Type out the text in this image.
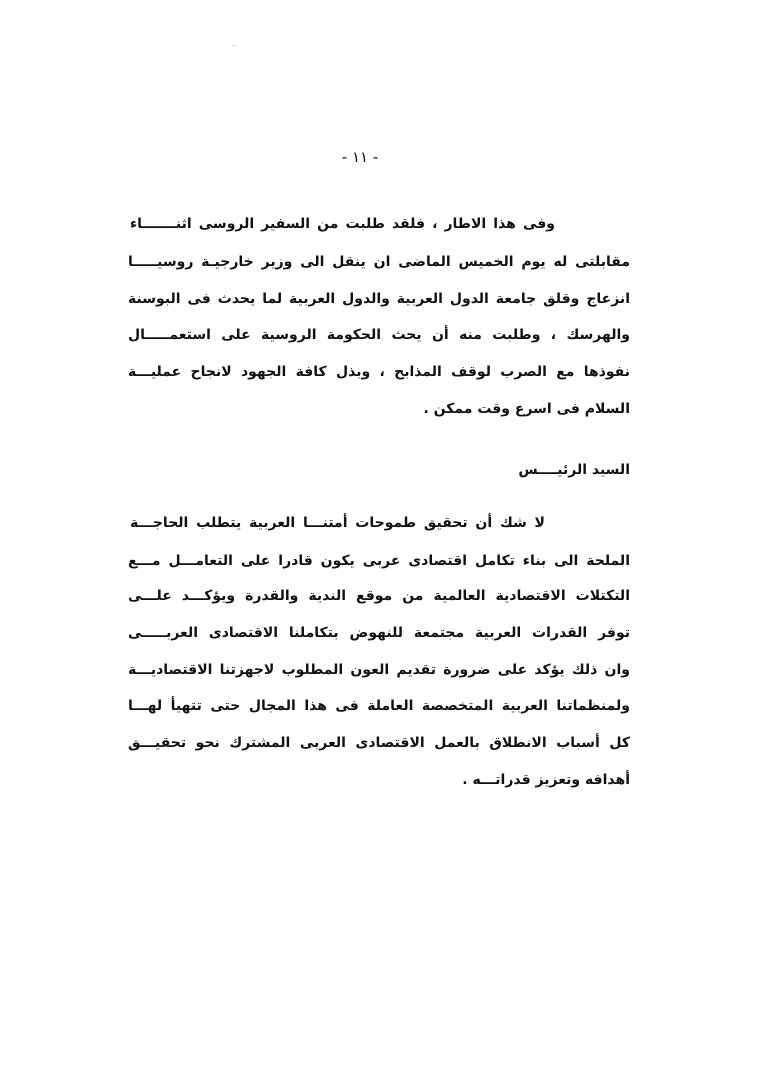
- ١١ -
وفى هذا الاطار ، فلقد طلبت من السفير الروسى اثنـــــــاء
مقابلتى له يوم الخميس الماضى ان ينقل الى وزير خارجيـة روسيـــــا
انزعاج وقلق جامعة الدول العربية والدول العربية لما يحدث فى البوسنة
والهرسك ، وطلبت منه أن يحث الحكومة الروسية على استعمـــــال
نفوذها مع الصرب لوقف المذابح ، وبذل كافة الجهود لانجاح عمليـــة
السلام فى اسرع وقت ممكن .
السيد الرئيــــس
لا شك أن تحقيق طموحات أمتنـــا العربية يتطلب الحاجـــة
الملحة الى بناء تكامل اقتصادى عربى يكون قادرا على التعامـــل مـــع
التكتلات الاقتصادية العالمية من موقع الندية والقدرة ويؤكـــد علـــى
توفر القدرات العربية مجتمعة للنهوض بتكاملنا الاقتصادى العربـــــى
وان ذلك يؤكد على ضرورة تقديم العون المطلوب لاجهزتنا الاقتصاديـــة
ولمنظماتنا العربية المتخصصة العاملة فى هذا المجال حتى تتهيأ لهـــا
كل أسباب الانطلاق بالعمل الاقتصادى العربى المشترك نحو تحقيـــق
أهدافه وتعزيز قدراتـــه .
